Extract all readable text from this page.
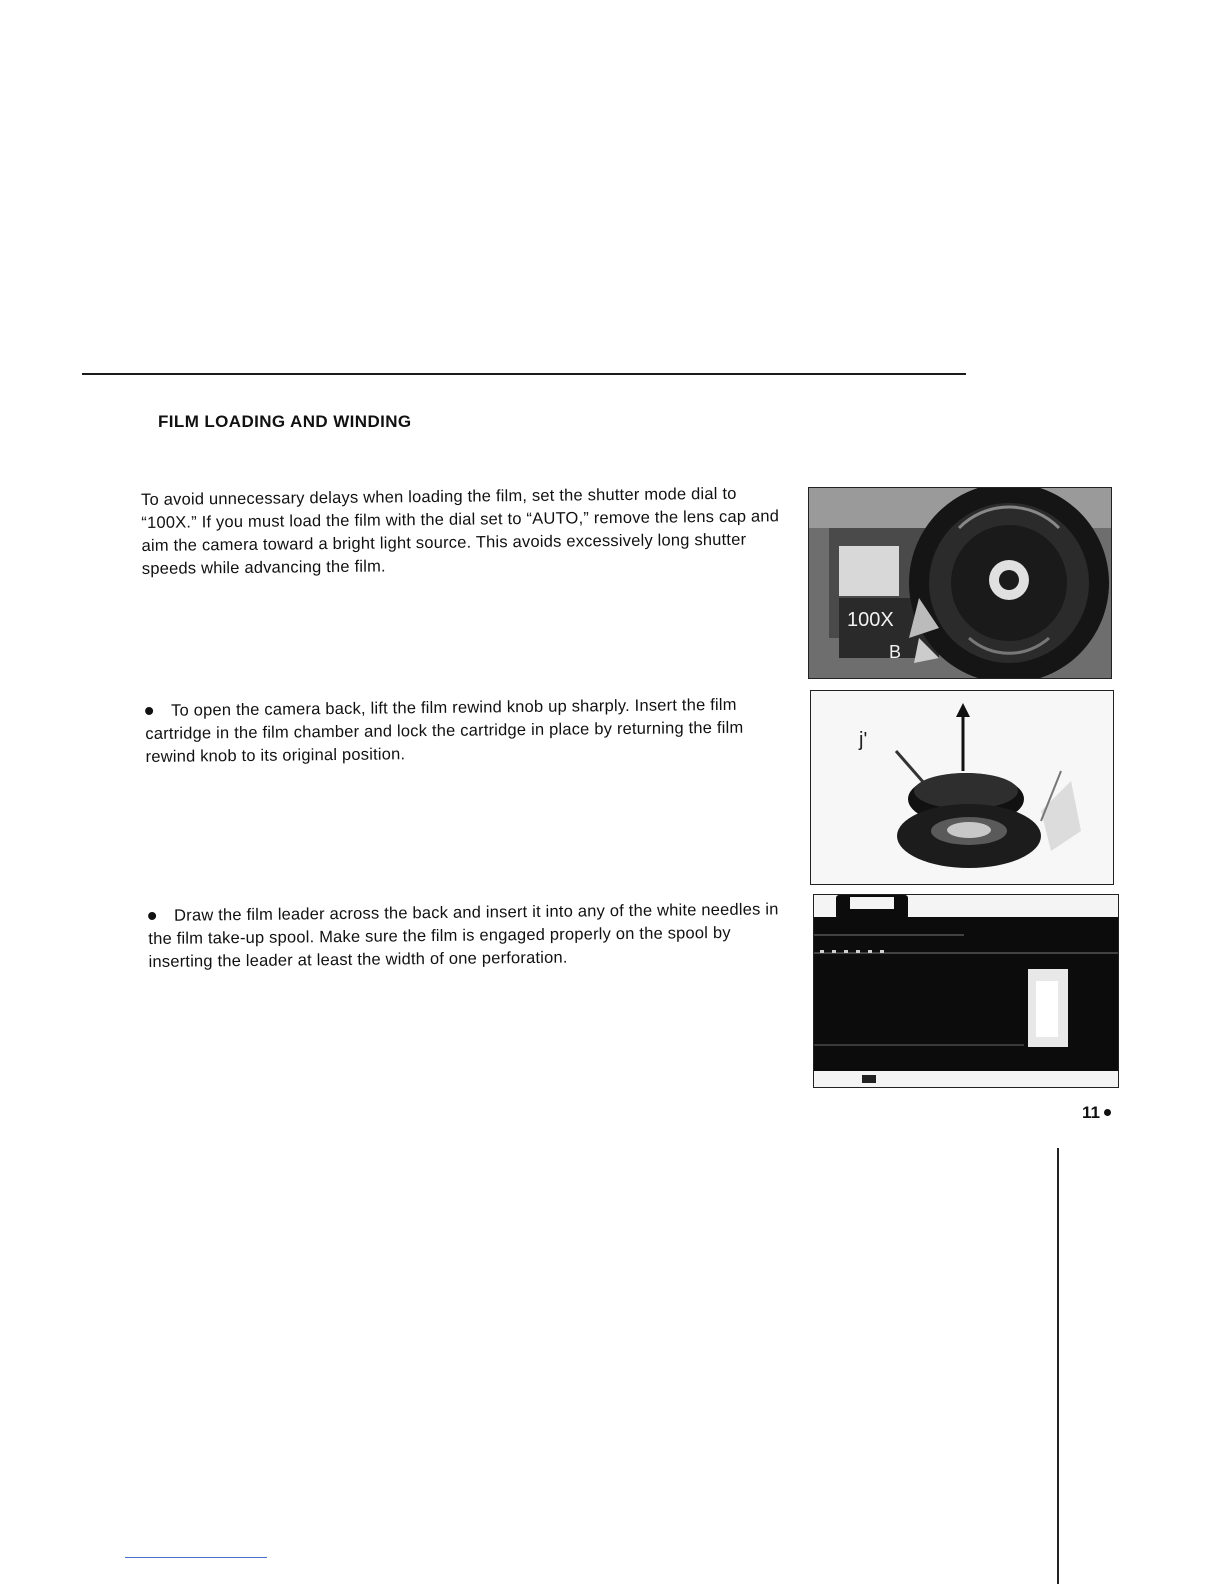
FILM LOADING AND WINDING

To avoid unnecessary delays when loading the film, set the shutter mode dial to “100X.” If you must load the film with the dial set to “AUTO,” remove the lens cap and aim the camera toward a bright light source. This avoids excessively long shutter speeds while advancing the film.

To open the camera back, lift the film rewind knob up sharply. Insert the film cartridge in the film chamber and lock the cartridge in place by returning the film rewind knob to its original position.

Draw the film leader across the back and insert it into any of the white needles in the film take-up spool. Make sure the film is engaged properly on the spool by inserting the leader at least the width of one perforation.

100X
B
j'
11
